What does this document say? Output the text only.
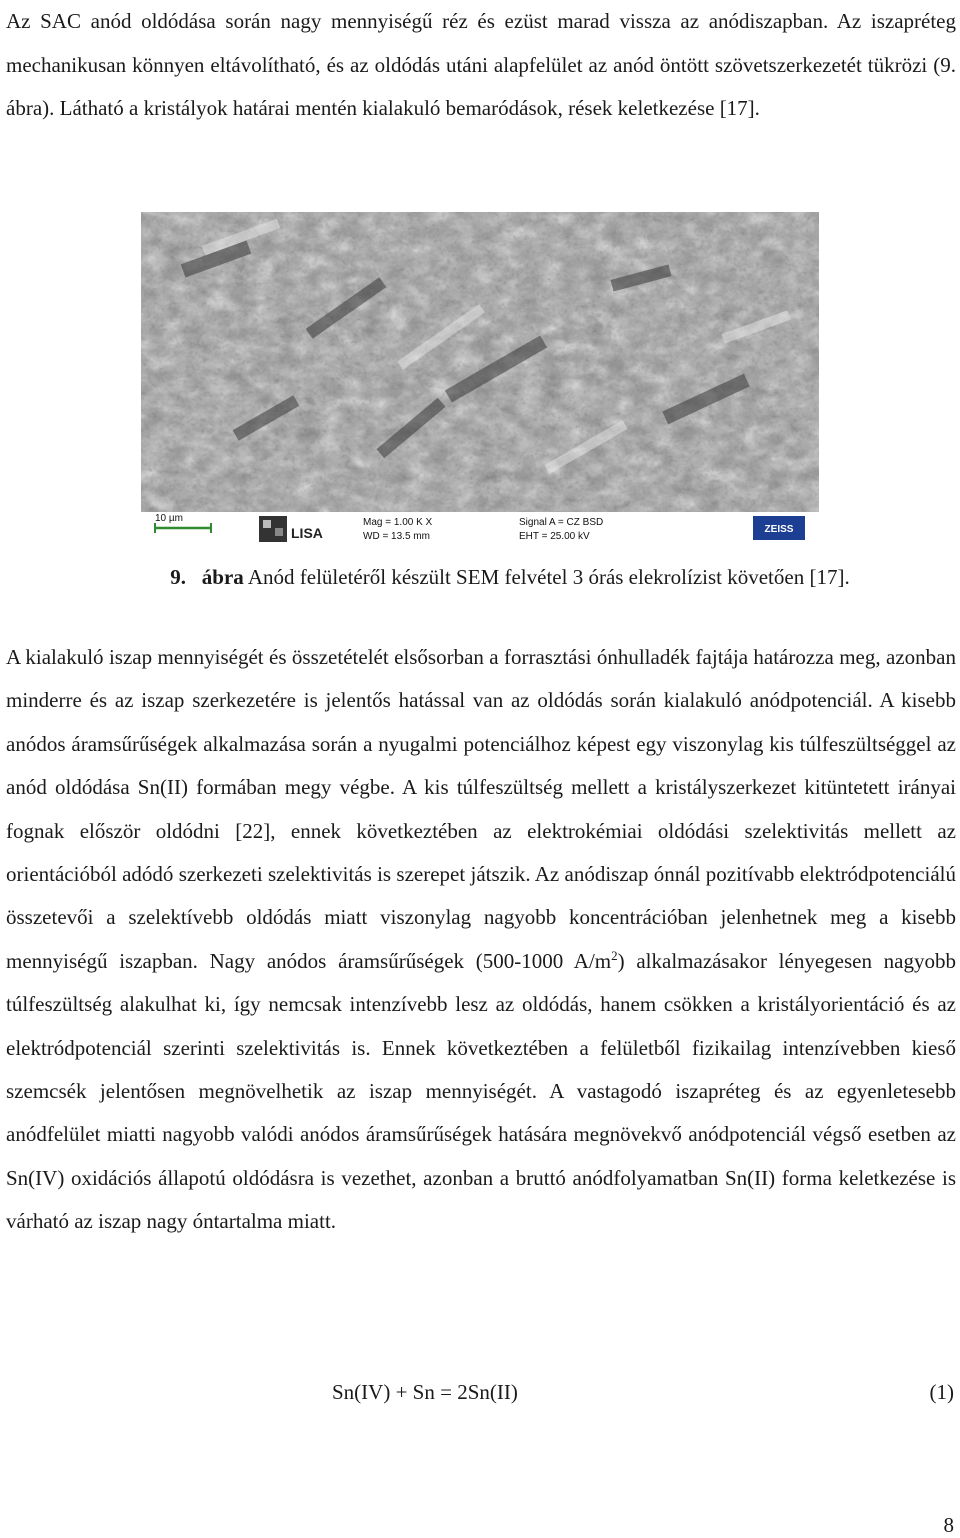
Az SAC anód oldódása során nagy mennyiségű réz és ezüst marad vissza az anódiszapban. Az iszapréteg mechanikusan könnyen eltávolítható, és az oldódás utáni alapfelület az anód öntött szövetszerkezetét tükrözi (9. ábra). Látható a kristályok határai mentén kialakuló bemaródások, rések keletkezése [17].

10 µm
LISA
Mag = 1.00 K X
WD = 13.5 mm
Signal A = CZ BSD
EHT = 25.00 kV
ZEISS

9. ábra Anód felületéről készült SEM felvétel 3 órás elekrolízist követően [17].

A kialakuló iszap mennyiségét és összetételét elsősorban a forrasztási ónhulladék fajtája határozza meg, azonban minderre és az iszap szerkezetére is jelentős hatással van az oldódás során kialakuló anódpotenciál. A kisebb anódos áramsűrűségek alkalmazása során a nyugalmi potenciálhoz képest egy viszonylag kis túlfeszültséggel az anód oldódása Sn(II) formában megy végbe. A kis túlfeszültség mellett a kristályszerkezet kitüntetett irányai fognak először oldódni [22], ennek következtében az elektrokémiai oldódási szelektivitás mellett az orientációból adódó szerkezeti szelektivitás is szerepet játszik. Az anódiszap ónnál pozitívabb elektródpotenciálú összetevői a szelektívebb oldódás miatt viszonylag nagyobb koncentrációban jelenhetnek meg a kisebb mennyiségű iszapban. Nagy anódos áramsűrűségek (500-1000 $A/m^2$) alkalmazásakor lényegesen nagyobb túlfeszültség alakulhat ki, így nemcsak intenzívebb lesz az oldódás, hanem csökken a kristályorientáció és az elektródpotenciál szerinti szelektivitás is. Ennek következtében a felületből fizikailag intenzívebben kieső szemcsék jelentősen megnövelhetik az iszap mennyiségét. A vastagodó iszapréteg és az egyenletesebb anódfelület miatti nagyobb valódi anódos áramsűrűségek hatására megnövekvő anódpotenciál végső esetben az Sn(IV) oxidációs állapotú oldódásra is vezethet, azonban a bruttó anódfolyamatban Sn(II) forma keletkezése is várható az iszap nagy óntartalma miatt.

Sn(IV) + Sn = 2Sn(II)	(1)
8
